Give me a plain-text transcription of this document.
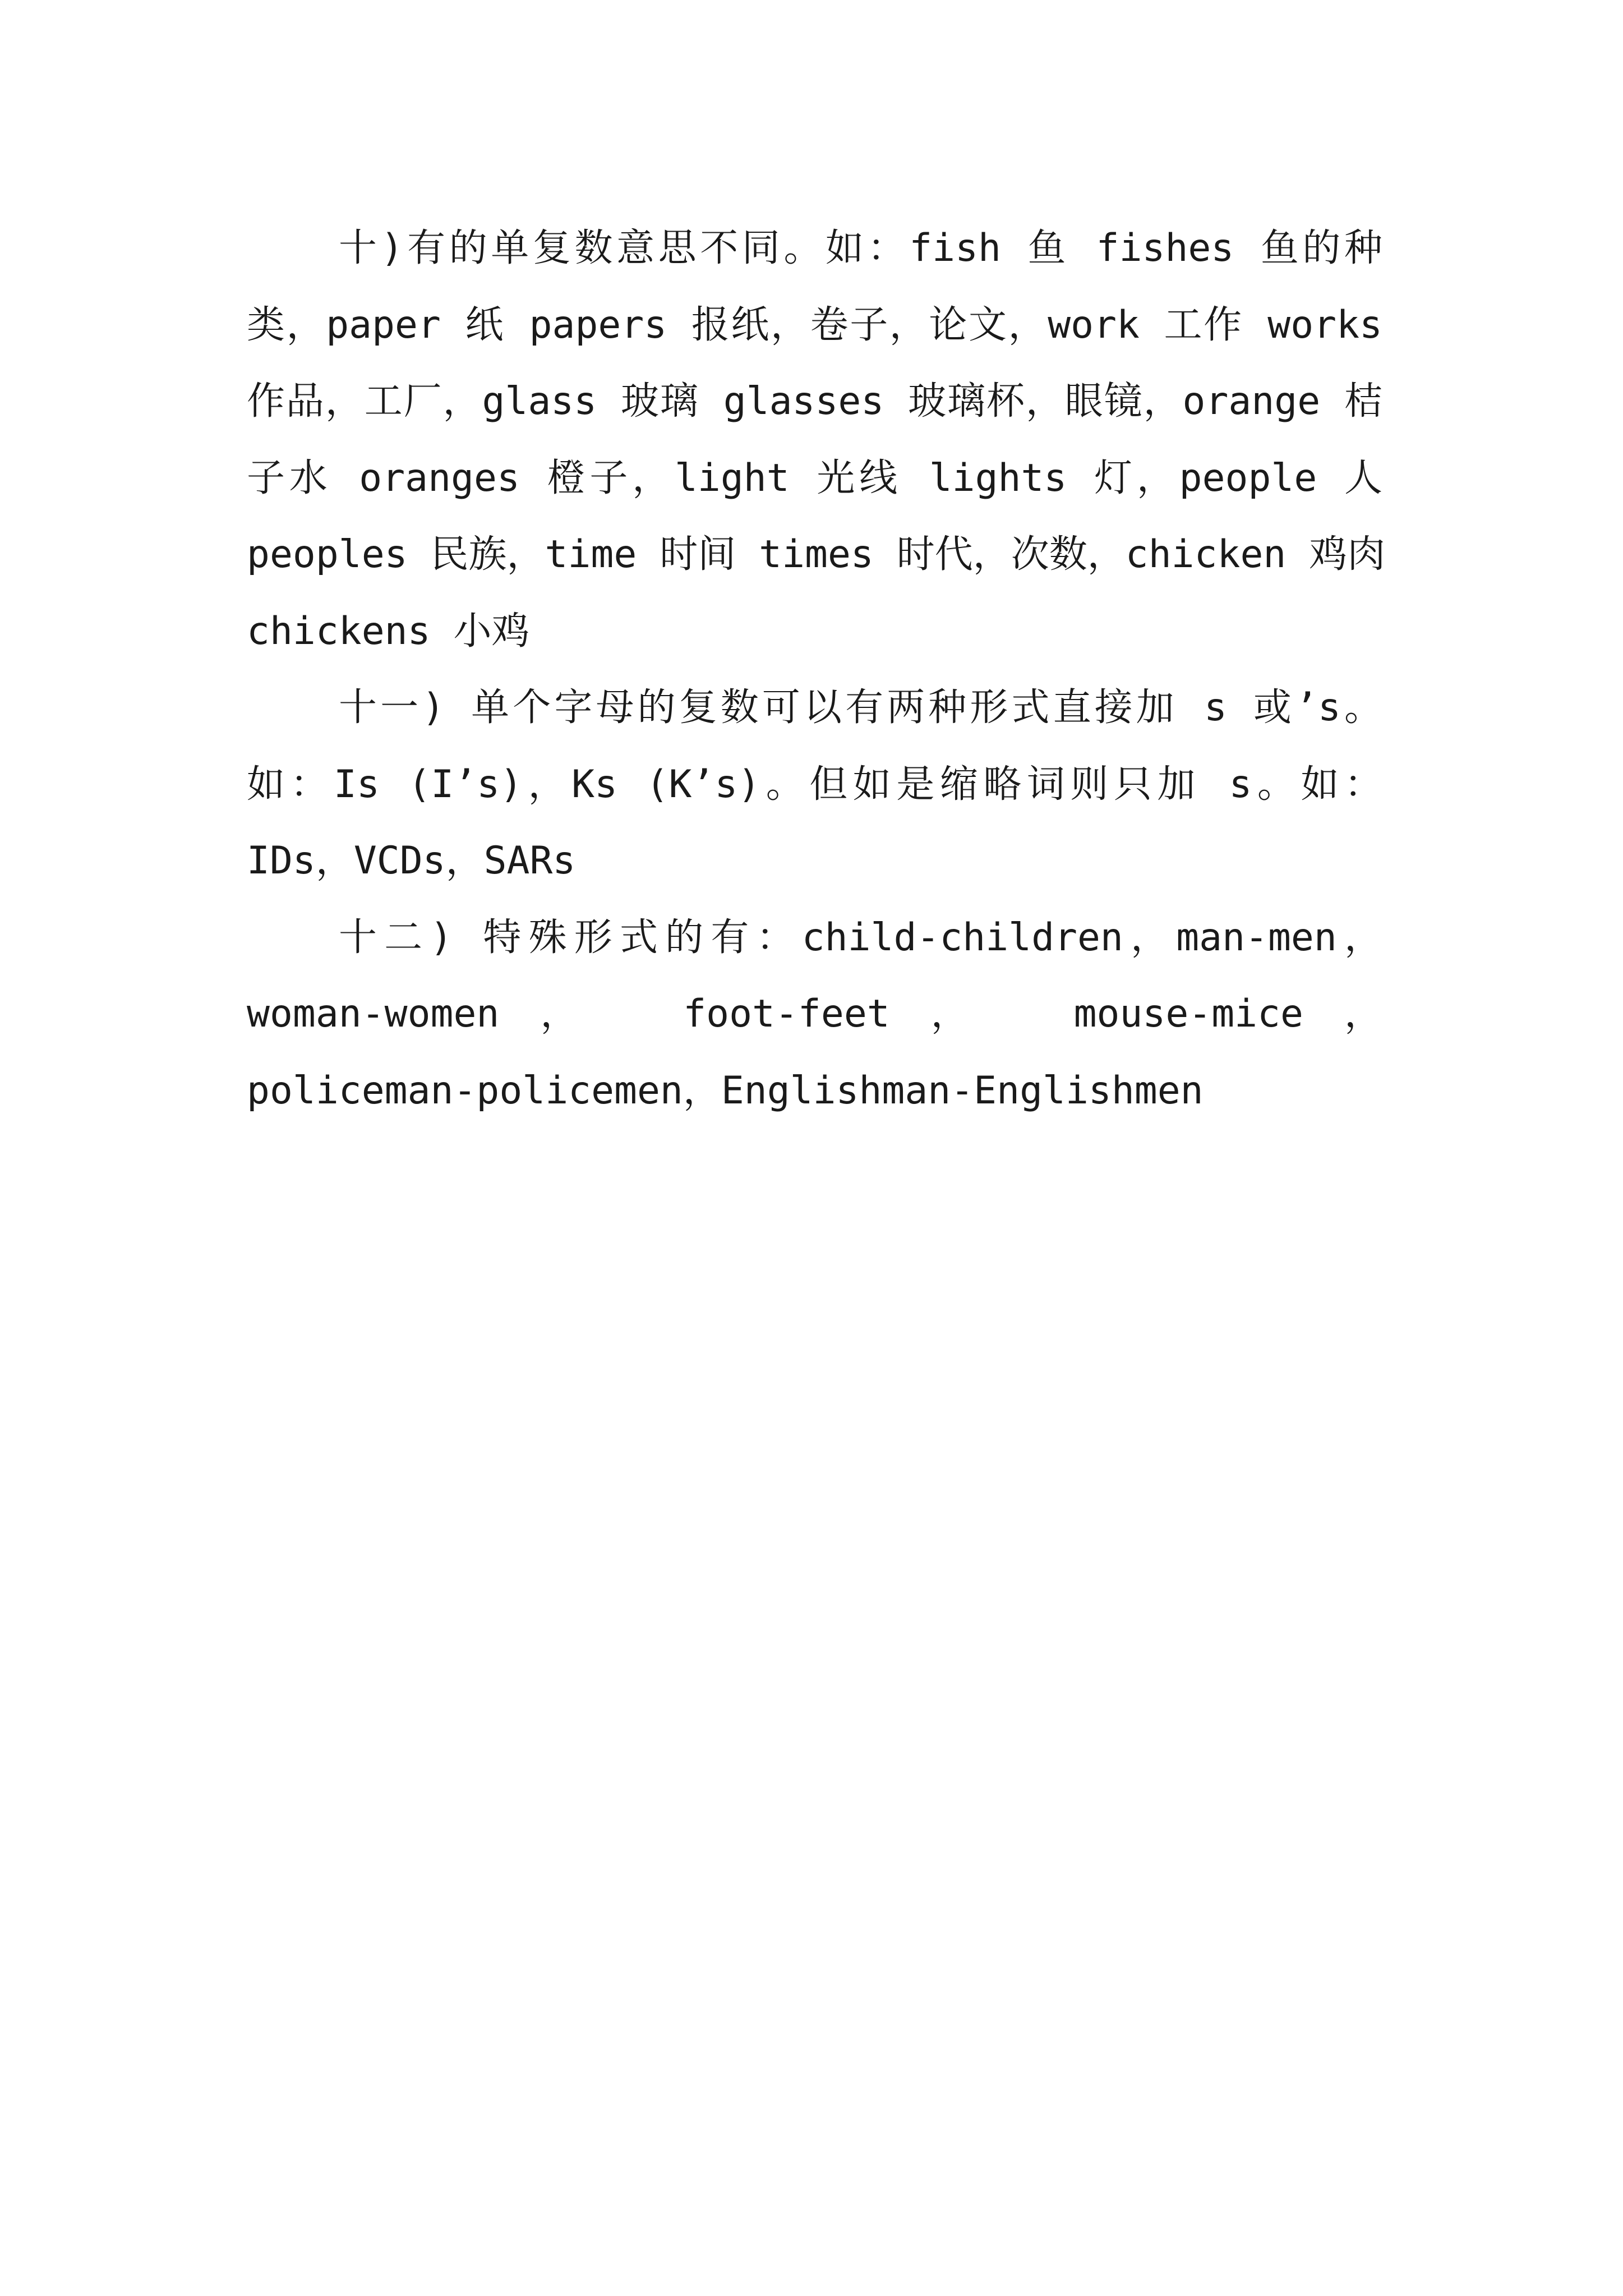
十)有的单复数意思不同。如：fish 鱼 fishes 鱼的种
类，paper 纸 papers 报纸，卷子，论文，work 工作 works
作品，工厂，glass 玻璃 glasses 玻璃杯，眼镜，orange 桔
子水 oranges 橙子，light 光线 lights 灯，people 人
peoples 民族，time 时间 times 时代，次数，chicken 鸡肉
chickens 小鸡
十一) 单个字母的复数可以有两种形式直接加 s 或’s。
如：Is (I’s)，Ks (K’s)。但如是缩略词则只加 s。如：
IDs，VCDs，SARs
十二) 特殊形式的有：child-children，man-men，
woman-women， foot-feet， mouse-mice，
policeman-policemen，Englishman-Englishmen
